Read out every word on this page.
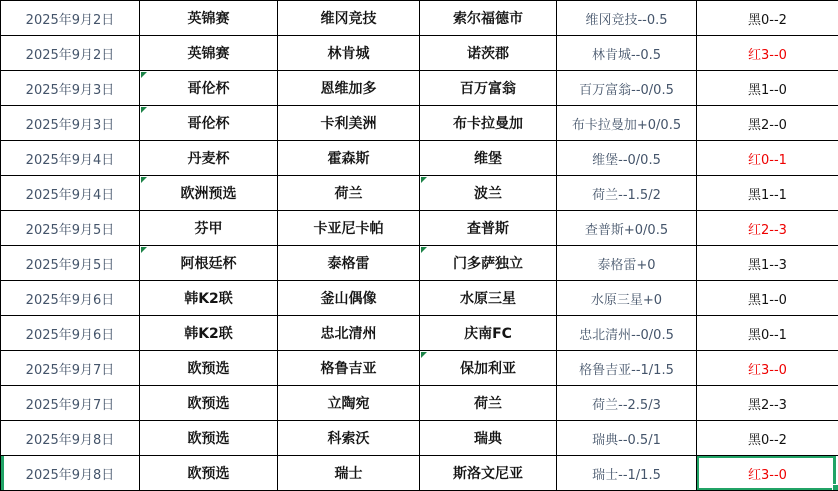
2025年9月2日	英锦赛	维冈竞技	索尔福德市	维冈竞技--0.5	黑0--2
2025年9月2日	英锦赛	林肯城	诺茨郡	林肯城--0.5	红3--0
2025年9月3日	哥伦杯	恩维加多	百万富翁	百万富翁--0/0.5	黑1--0
2025年9月3日	哥伦杯	卡利美洲	布卡拉曼加	布卡拉曼加+0/0.5	黑2--0
2025年9月4日	丹麦杯	霍森斯	维堡	维堡--0/0.5	红0--1
2025年9月4日	欧洲预选	荷兰	波兰	荷兰--1.5/2	黑1--1
2025年9月5日	芬甲	卡亚尼卡帕	查普斯	查普斯+0/0.5	红2--3
2025年9月5日	阿根廷杯	泰格雷	门多萨独立	泰格雷+0	黑1--3
2025年9月6日	韩K2联	釜山偶像	水原三星	水原三星+0	黑1--0
2025年9月6日	韩K2联	忠北清州	庆南FC	忠北清州--0/0.5	黑0--1
2025年9月7日	欧预选	格鲁吉亚	保加利亚	格鲁吉亚--1/1.5	红3--0
2025年9月7日	欧预选	立陶宛	荷兰	荷兰--2.5/3	黑2--3
2025年9月8日	欧预选	科索沃	瑞典	瑞典--0.5/1	黑0--2
2025年9月8日	欧预选	瑞士	斯洛文尼亚	瑞士--1/1.5	红3--0
